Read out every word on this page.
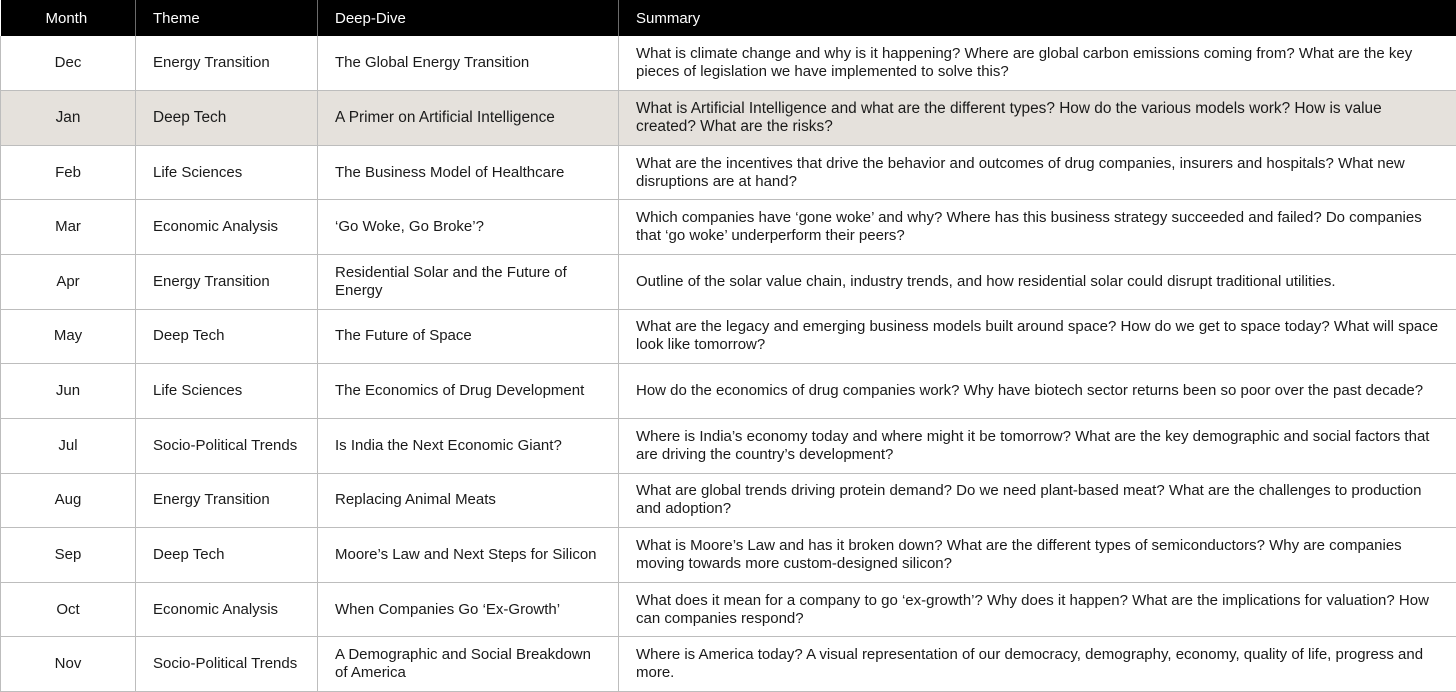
Month	Theme	Deep-Dive	Summary
Dec	Energy Transition	The Global Energy Transition	What is climate change and why is it happening? Where are global carbon emissions coming from? What are the key pieces of legislation we have implemented to solve this?
Jan	Deep Tech	A Primer on Artificial Intelligence	What is Artificial Intelligence and what are the different types? How do the various models work? How is value created? What are the risks?
Feb	Life Sciences	The Business Model of Healthcare	What are the incentives that drive the behavior and outcomes of drug companies, insurers and hospitals? What new disruptions are at hand?
Mar	Economic Analysis	‘Go Woke, Go Broke’?	Which companies have ‘gone woke’ and why? Where has this business strategy succeeded and failed? Do companies that ‘go woke’ underperform their peers?
Apr	Energy Transition	Residential Solar and the Future of Energy	Outline of the solar value chain, industry trends, and how residential solar could disrupt traditional utilities.
May	Deep Tech	The Future of Space	What are the legacy and emerging business models built around space? How do we get to space today? What will space look like tomorrow?
Jun	Life Sciences	The Economics of Drug Development	How do the economics of drug companies work? Why have biotech sector returns been so poor over the past decade?
Jul	Socio-Political Trends	Is India the Next Economic Giant?	Where is India’s economy today and where might it be tomorrow? What are the key demographic and social factors that are driving the country’s development?
Aug	Energy Transition	Replacing Animal Meats	What are global trends driving protein demand? Do we need plant-based meat? What are the challenges to production and adoption?
Sep	Deep Tech	Moore’s Law and Next Steps for Silicon	What is Moore’s Law and has it broken down? What are the different types of semiconductors? Why are companies moving towards more custom-designed silicon?
Oct	Economic Analysis	When Companies Go ‘Ex-Growth’	What does it mean for a company to go ‘ex-growth’? Why does it happen? What are the implications for valuation? How can companies respond?
Nov	Socio-Political Trends	A Demographic and Social Breakdown of America	Where is America today? A visual representation of our democracy, demography, economy, quality of life, progress and more.
